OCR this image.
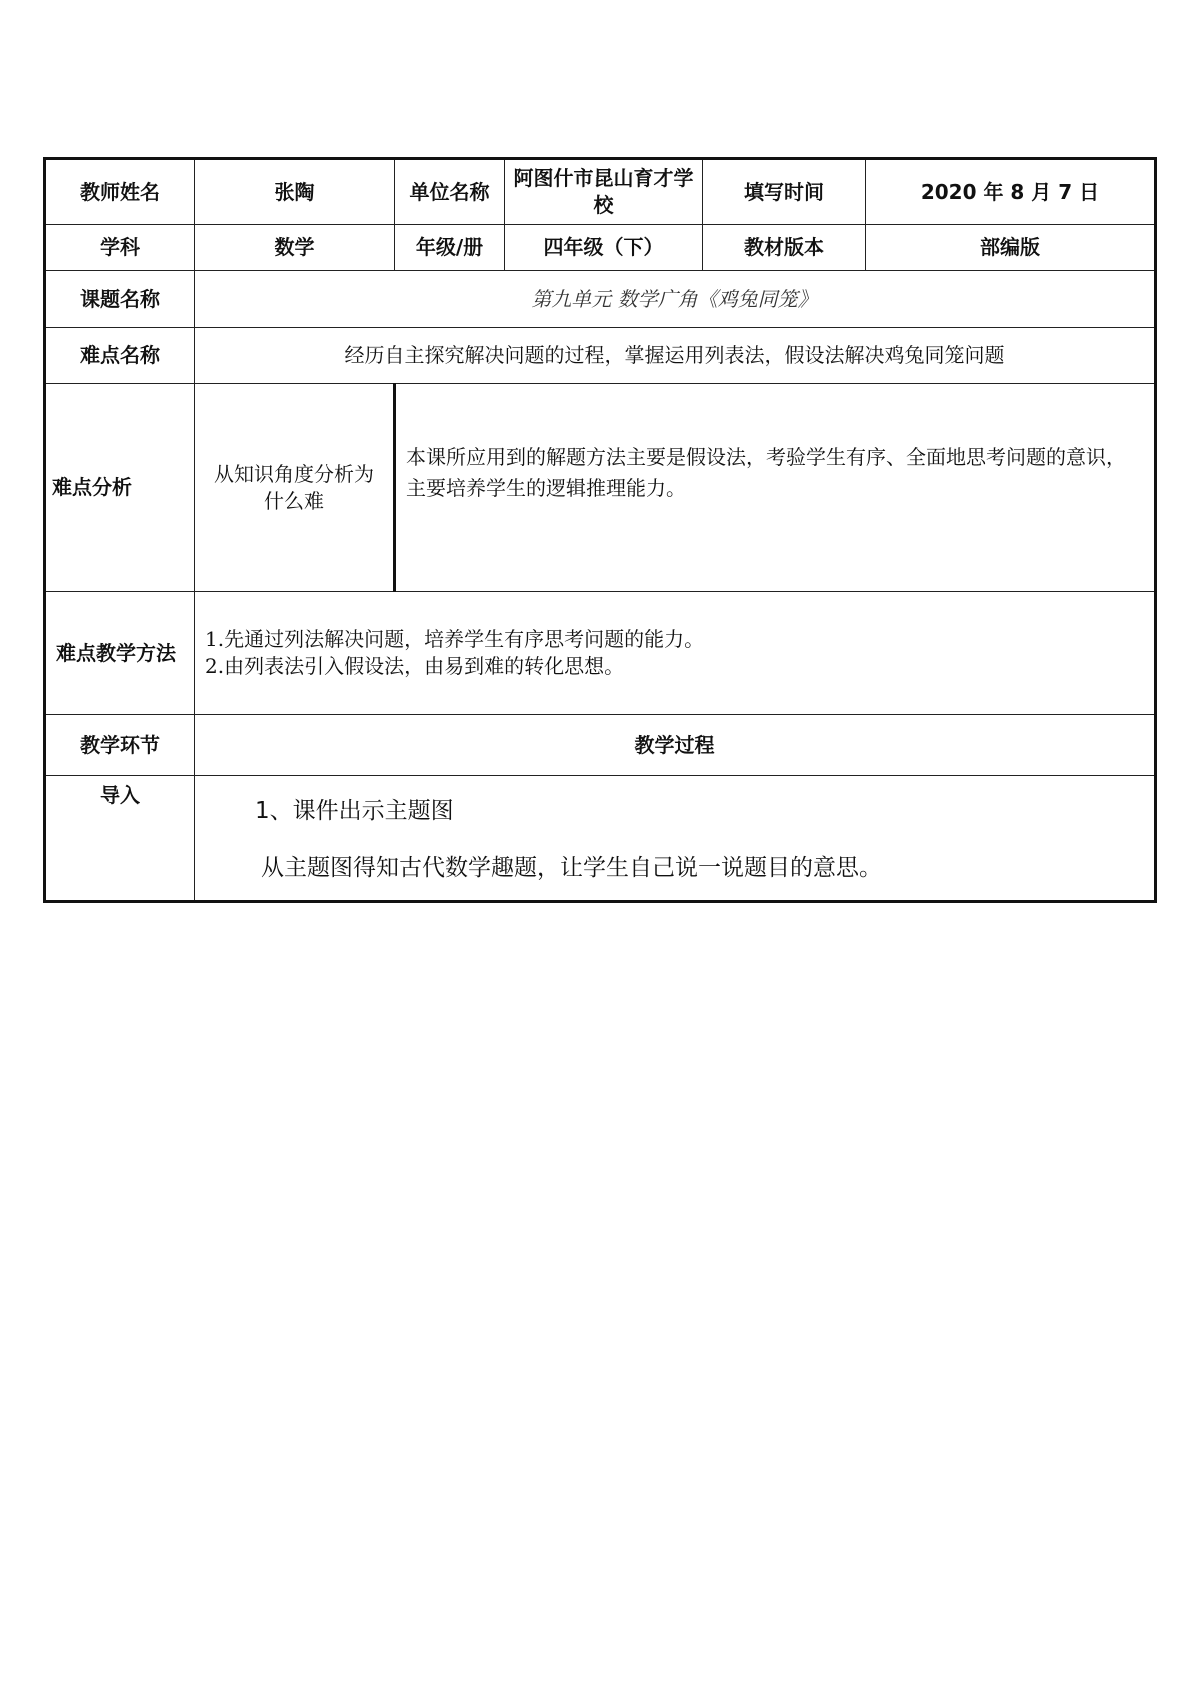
教师姓名	张陶	单位名称	阿图什市昆山育才学校	填写时间	2020 年 8 月 7 日
学科	数学	年级/册	四年级（下）	教材版本	部编版
课题名称	第九单元 数学广角《鸡兔同笼》				
难点名称	经历自主探究解决问题的过程，掌握运用列表法，假设法解决鸡兔同笼问题				
难点分析	从知识角度分析为什么难	本课所应用到的解题方法主要是假设法，考验学生有序、全面地思考问题的意识，主要培养学生的逻辑推理能力。			

难点教学方法	1.先通过列法解决问题，培养学生有序思考问题的能力。

2.由列表法引入假设法，由易到难的转化思想。				

教学环节	教学过程				
导入	1、课件出示主题图

从主题图得知古代数学趣题，让学生自己说一说题目的意思。				
